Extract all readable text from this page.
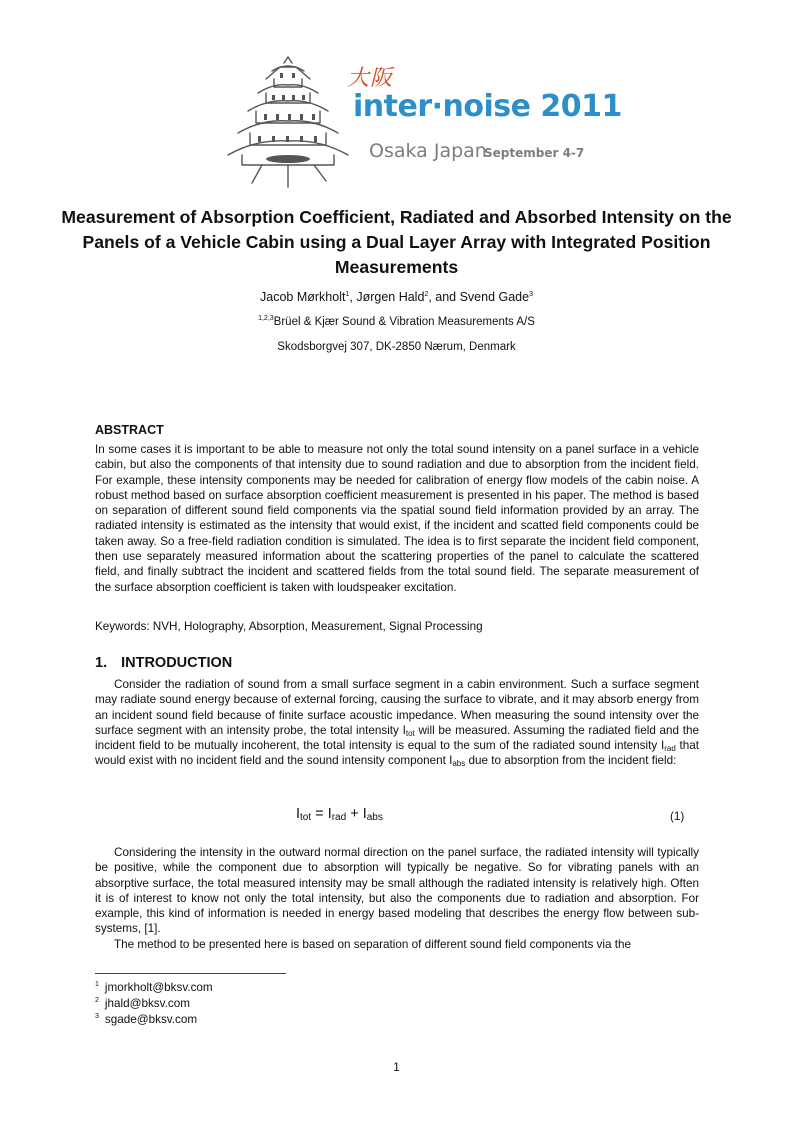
大阪
inter·noise 2011
Osaka Japan
September 4-7
Measurement of Absorption Coefficient, Radiated and Absorbed Intensity on the Panels of a Vehicle Cabin using a Dual Layer Array with Integrated Position Measurements

Jacob Mørkholt$^1$, Jørgen Hald$^2$, and Svend Gade$^3$

$^{1,2,3}$Brüel & Kjær Sound & Vibration Measurements A/S

Skodsborgvej 307, DK-2850 Nærum, Denmark

ABSTRACT

In some cases it is important to be able to measure not only the total sound intensity on a panel surface in a vehicle cabin, but also the components of that intensity due to sound radiation and due to absorption from the incident field. For example, these intensity components may be needed for calibration of energy flow models of the cabin noise. A robust method based on surface absorption coefficient measurement is presented in his paper. The method is based on separation of different sound field components via the spatial sound field information provided by an array. The radiated intensity is estimated as the intensity that would exist, if the incident and scatted field components could be taken away. So a free-field radiation condition is simulated. The idea is to first separate the incident field component, then use separately measured information about the scattering properties of the panel to calculate the scattered field, and finally subtract the incident and scattered fields from the total sound field. The separate measurement of the surface absorption coefficient is taken with loudspeaker excitation.

Keywords: NVH, Holography, Absorption, Measurement, Signal Processing

1. INTRODUCTION

Consider the radiation of sound from a small surface segment in a cabin environment. Such a surface segment may radiate sound energy because of external forcing, causing the surface to vibrate, and it may absorb energy from an incident sound field because of finite surface acoustic impedance. When measuring the sound intensity over the surface segment with an intensity probe, the total intensity $I_{tot}$ will be measured. Assuming the radiated field and the incident field to be mutually incoherent, the total intensity is equal to the sum of the radiated sound intensity $I_{rad}$ that would exist with no incident field and the sound intensity component $I_{abs}$ due to absorption from the incident field:

$I_{tot} = I_{rad} + I_{abs}$	(1)

Considering the intensity in the outward normal direction on the panel surface, the radiated intensity will typically be positive, while the component due to absorption will typically be negative. So for vibrating panels with an absorptive surface, the total measured intensity may be small although the radiated intensity is relatively high. Often it is of interest to know not only the total intensity, but also the components due to radiation and absorption. For example, this kind of information is needed in energy based modeling that describes the energy flow between sub-systems, [1].

The method to be presented here is based on separation of different sound field components via the

$^1$ jmorkholt@bksv.com
$^2$ jhald@bksv.com
$^3$ sgade@bksv.com

1
